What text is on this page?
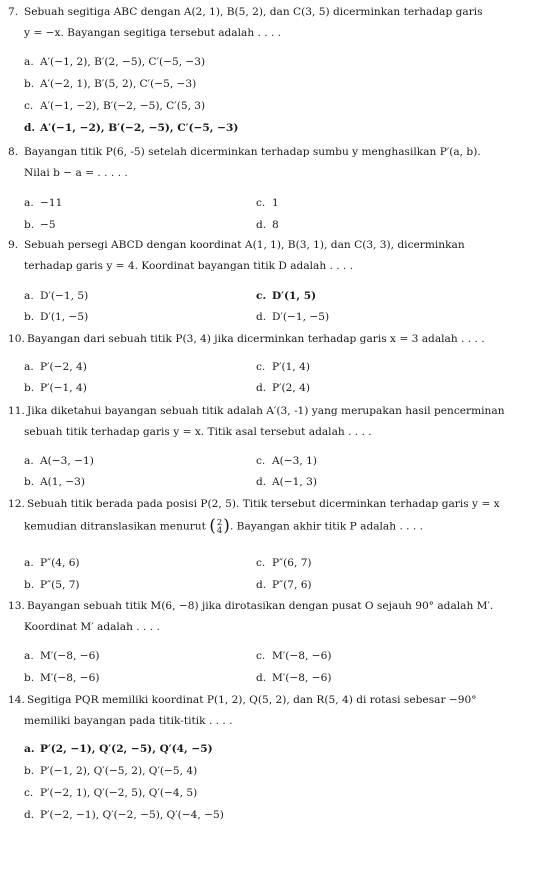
7. Sebuah segitiga ABC dengan A(2, 1), B(5, 2), dan C(3, 5) dicerminkan terhadap garis
y = −x. Bayangan segitiga tersebut adalah . . . .
a. A′(−1, 2), B′(2, −5), C′(−5, −3)
b. A′(−2, 1), B′(5, 2), C′(−5, −3)
c. A′(−1, −2), B′(−2, −5), C′(5, 3)
d. A′(−1, −2), B′(−2, −5), C′(−5, −3)
8. Bayangan titik P(6, -5) setelah dicerminkan terhadap sumbu y menghasilkan P′(a, b).
Nilai b − a = . . . . .
a. −11	c. 1
b. −5	d. 8
9. Sebuah persegi ABCD dengan koordinat A(1, 1), B(3, 1), dan C(3, 3), dicerminkan
terhadap garis y = 4. Koordinat bayangan titik D adalah . . . .
a. D′(−1, 5)	c. D′(1, 5)
b. D′(1, −5)	d. D′(−1, −5)
10. Bayangan dari sebuah titik P(3, 4) jika dicerminkan terhadap garis x = 3 adalah . . . .
a. P′(−2, 4)	c. P′(1, 4)
b. P′(−1, 4)	d. P′(2, 4)
11. Jika diketahui bayangan sebuah titik adalah A′(3, -1) yang merupakan hasil pencerminan
sebuah titik terhadap garis y = x. Titik asal tersebut adalah . . . .
a. A(−3, −1)	c. A(−3, 1)
b. A(1, −3)	d. A(−1, 3)
12. Sebuah titik berada pada posisi P(2, 5). Titik tersebut dicerminkan terhadap garis y = x
kemudian ditranslasikan menurut ( 2
4 ) . Bayangan akhir titik P adalah . . . .
a. P″(4, 6)	c. P″(6, 7)
b. P″(5, 7)	d. P″(7, 6)
13. Bayangan sebuah titik M(6, −8) jika dirotasikan dengan pusat O sejauh 90° adalah M′.
Koordinat M′ adalah . . . .
a. M′(−8, −6)	c. M′(−8, −6)
b. M′(−8, −6)	d. M′(−8, −6)
14. Segitiga PQR memiliki koordinat P(1, 2), Q(5, 2), dan R(5, 4) di rotasi sebesar −90°
memiliki bayangan pada titik-titik . . . .
a. P′(2, −1), Q′(2, −5), Q′(4, −5)
b. P′(−1, 2), Q′(−5, 2), Q′(−5, 4)
c. P′(−2, 1), Q′(−2, 5), Q′(−4, 5)
d. P′(−2, −1), Q′(−2, −5), Q′(−4, −5)
